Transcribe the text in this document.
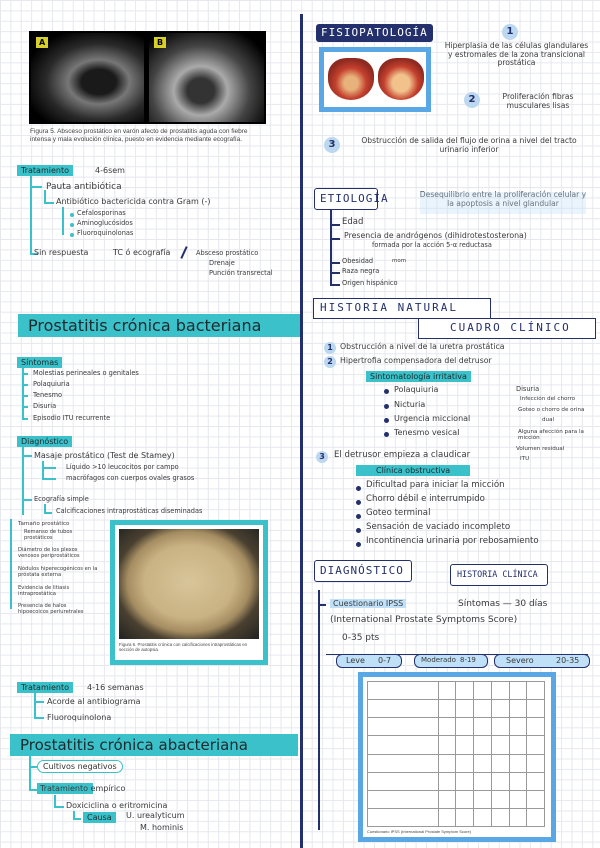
A	B
Figura 5. Absceso prostático en varón afecto de prostatitis aguda con fiebre intensa y mala evolución clínica, puesto en evidencia mediante ecografía.
Tratamiento	4-6sem
Pauta antibiótica
Antibiótico bactericida contra Gram (-)
Cefalosporinas
Aminoglucósidos
Fluoroquinolonas
Sin respuesta	TC ó ecografía	Absceso prostático
Drenaje
Punción transrectal
Prostatitis crónica bacteriana
Síntomas
Molestias perineales o genitales
Polaquiuria
Tenesmo
Disuria
Episodio ITU recurrente
Diagnóstico
Masaje prostático (Test de Stamey)
Líquido >10 leucocitos por campo
macrófagos con cuerpos ovales grasos
Ecografía simple
Calcificaciones intraprostáticas diseminadas
Tamaño prostático
Remanso de tubos prostáticos
Diámetro de los plexos venosos periprostáticos
Nódulos hiperecogénicos en la próstata externa
Evidencia de litiasis intraprostática
Presencia de halos hipoecoicos periuretrales
Figura 6. Prostatitis crónica con calcificaciones intraprostáticas en sección de autopsia.
Tratamiento	4-16 semanas
Acorde al antibiograma
Fluoroquinolona
Prostatitis crónica abacteriana
Cultivos negativos
Tratamiento empírico
Doxiciclina o eritromicina
Causa	U. urealyticum
M. hominis
FISIOPATOLOGÍA	1
Hiperplasia de las células glandulares y estromales de la zona transicional prostática
2	Proliferación fibras musculares lisas
3	Obstrucción de salida del flujo de orina a nivel del tracto urinario inferior
ETIOLOGÍA	Desequilibrio entre la proliferación celular y la apoptosis a nivel glandular
Edad
Presencia de andrógenos (dihidrotestosterona)
formada por la acción 5-α reductasa
Obesidad	mom
Raza negra
Origen hispánico
HISTORIA NATURAL
CUADRO CLÍNICO
1 Obstrucción a nivel de la uretra prostática
2 Hipertrofia compensadora del detrusor
Sintomatología irritativa
Polaquiuria
Nicturia
Urgencia miccional
Tenesmo vesical
Disuria
Infección del chorro
Goteo o chorro de orina
dual
Alguna afección para la micción
Volumen residual
ITU
3	El detrusor empieza a claudicar
Clínica obstructiva
Dificultad para iniciar la micción
Chorro débil e interrumpido
Goteo terminal
Sensación de vaciado incompleto
Incontinencia urinaria por rebosamiento
DIAGNÓSTICO	HISTORIA CLÍNICA
Cuestionario IPSS	Síntomas — 30 días
(International Prostate Symptoms Score)
0-35 pts
Leve 0-7	Moderado 8-19	Severo	20-35

Cuestionario IPSS (International Prostate Symptom Score)
